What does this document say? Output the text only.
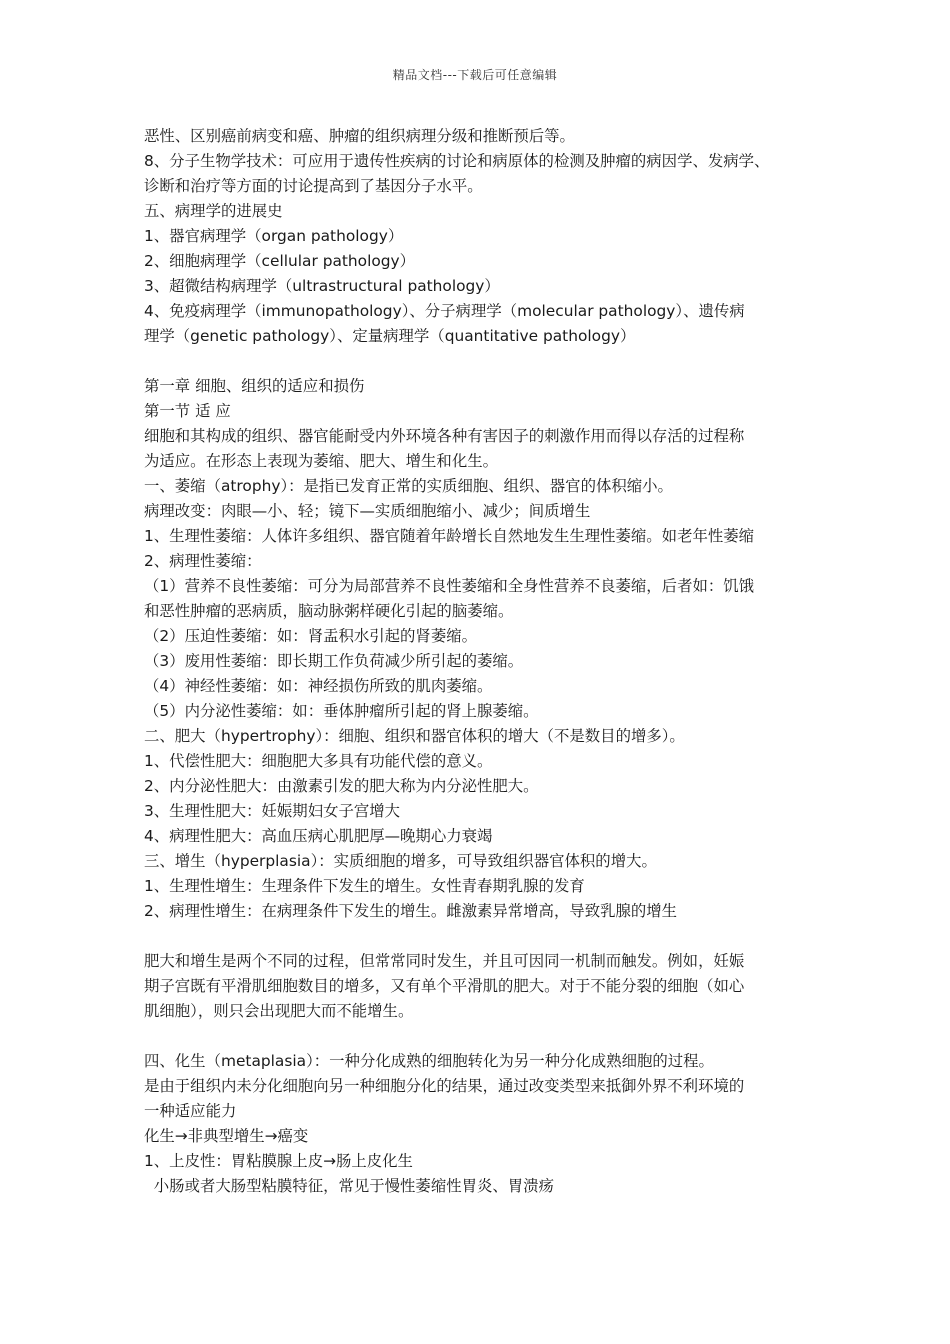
精品文档---下载后可任意编辑
恶性、区别癌前病变和癌、肿瘤的组织病理分级和推断预后等。
8、分子生物学技术：可应用于遗传性疾病的讨论和病原体的检测及肿瘤的病因学、发病学、
诊断和治疗等方面的讨论提高到了基因分子水平。
五、病理学的进展史
1、器官病理学（organ pathology）
2、细胞病理学（cellular pathology）
3、超微结构病理学（ultrastructural pathology）
4、免疫病理学（immunopathology）、分子病理学（molecular pathology）、遗传病
理学（genetic pathology）、定量病理学（quantitative pathology）
第一章 细胞、组织的适应和损伤
第一节 适 应
细胞和其构成的组织、器官能耐受内外环境各种有害因子的刺激作用而得以存活的过程称
为适应。在形态上表现为萎缩、肥大、增生和化生。
一、萎缩（atrophy）：是指已发育正常的实质细胞、组织、器官的体积缩小。
病理改变：肉眼—小、轻；镜下—实质细胞缩小、减少；间质增生
1、生理性萎缩：人体许多组织、器官随着年龄增长自然地发生生理性萎缩。如老年性萎缩
2、病理性萎缩：
（1）营养不良性萎缩：可分为局部营养不良性萎缩和全身性营养不良萎缩，后者如：饥饿
和恶性肿瘤的恶病质，脑动脉粥样硬化引起的脑萎缩。
（2）压迫性萎缩：如：肾盂积水引起的肾萎缩。
（3）废用性萎缩：即长期工作负荷减少所引起的萎缩。
（4）神经性萎缩：如：神经损伤所致的肌肉萎缩。
（5）内分泌性萎缩：如：垂体肿瘤所引起的肾上腺萎缩。
二、肥大（hypertrophy）：细胞、组织和器官体积的增大（不是数目的增多）。
1、代偿性肥大：细胞肥大多具有功能代偿的意义。
2、内分泌性肥大：由激素引发的肥大称为内分泌性肥大。
3、生理性肥大：妊娠期妇女子宫增大
4、病理性肥大：高血压病心肌肥厚—晚期心力衰竭
三、增生（hyperplasia）：实质细胞的增多，可导致组织器官体积的增大。
1、生理性增生：生理条件下发生的增生。女性青春期乳腺的发育
2、病理性增生：在病理条件下发生的增生。雌激素异常增高，导致乳腺的增生
肥大和增生是两个不同的过程，但常常同时发生，并且可因同一机制而触发。例如，妊娠
期子宫既有平滑肌细胞数目的增多，又有单个平滑肌的肥大。对于不能分裂的细胞（如心
肌细胞），则只会出现肥大而不能增生。
四、化生（metaplasia）：一种分化成熟的细胞转化为另一种分化成熟细胞的过程。
是由于组织内未分化细胞向另一种细胞分化的结果，通过改变类型来抵御外界不利环境的
一种适应能力
化生→非典型增生→癌变
1、上皮性：胃粘膜腺上皮→肠上皮化生
小肠或者大肠型粘膜特征，常见于慢性萎缩性胃炎、胃溃疡
